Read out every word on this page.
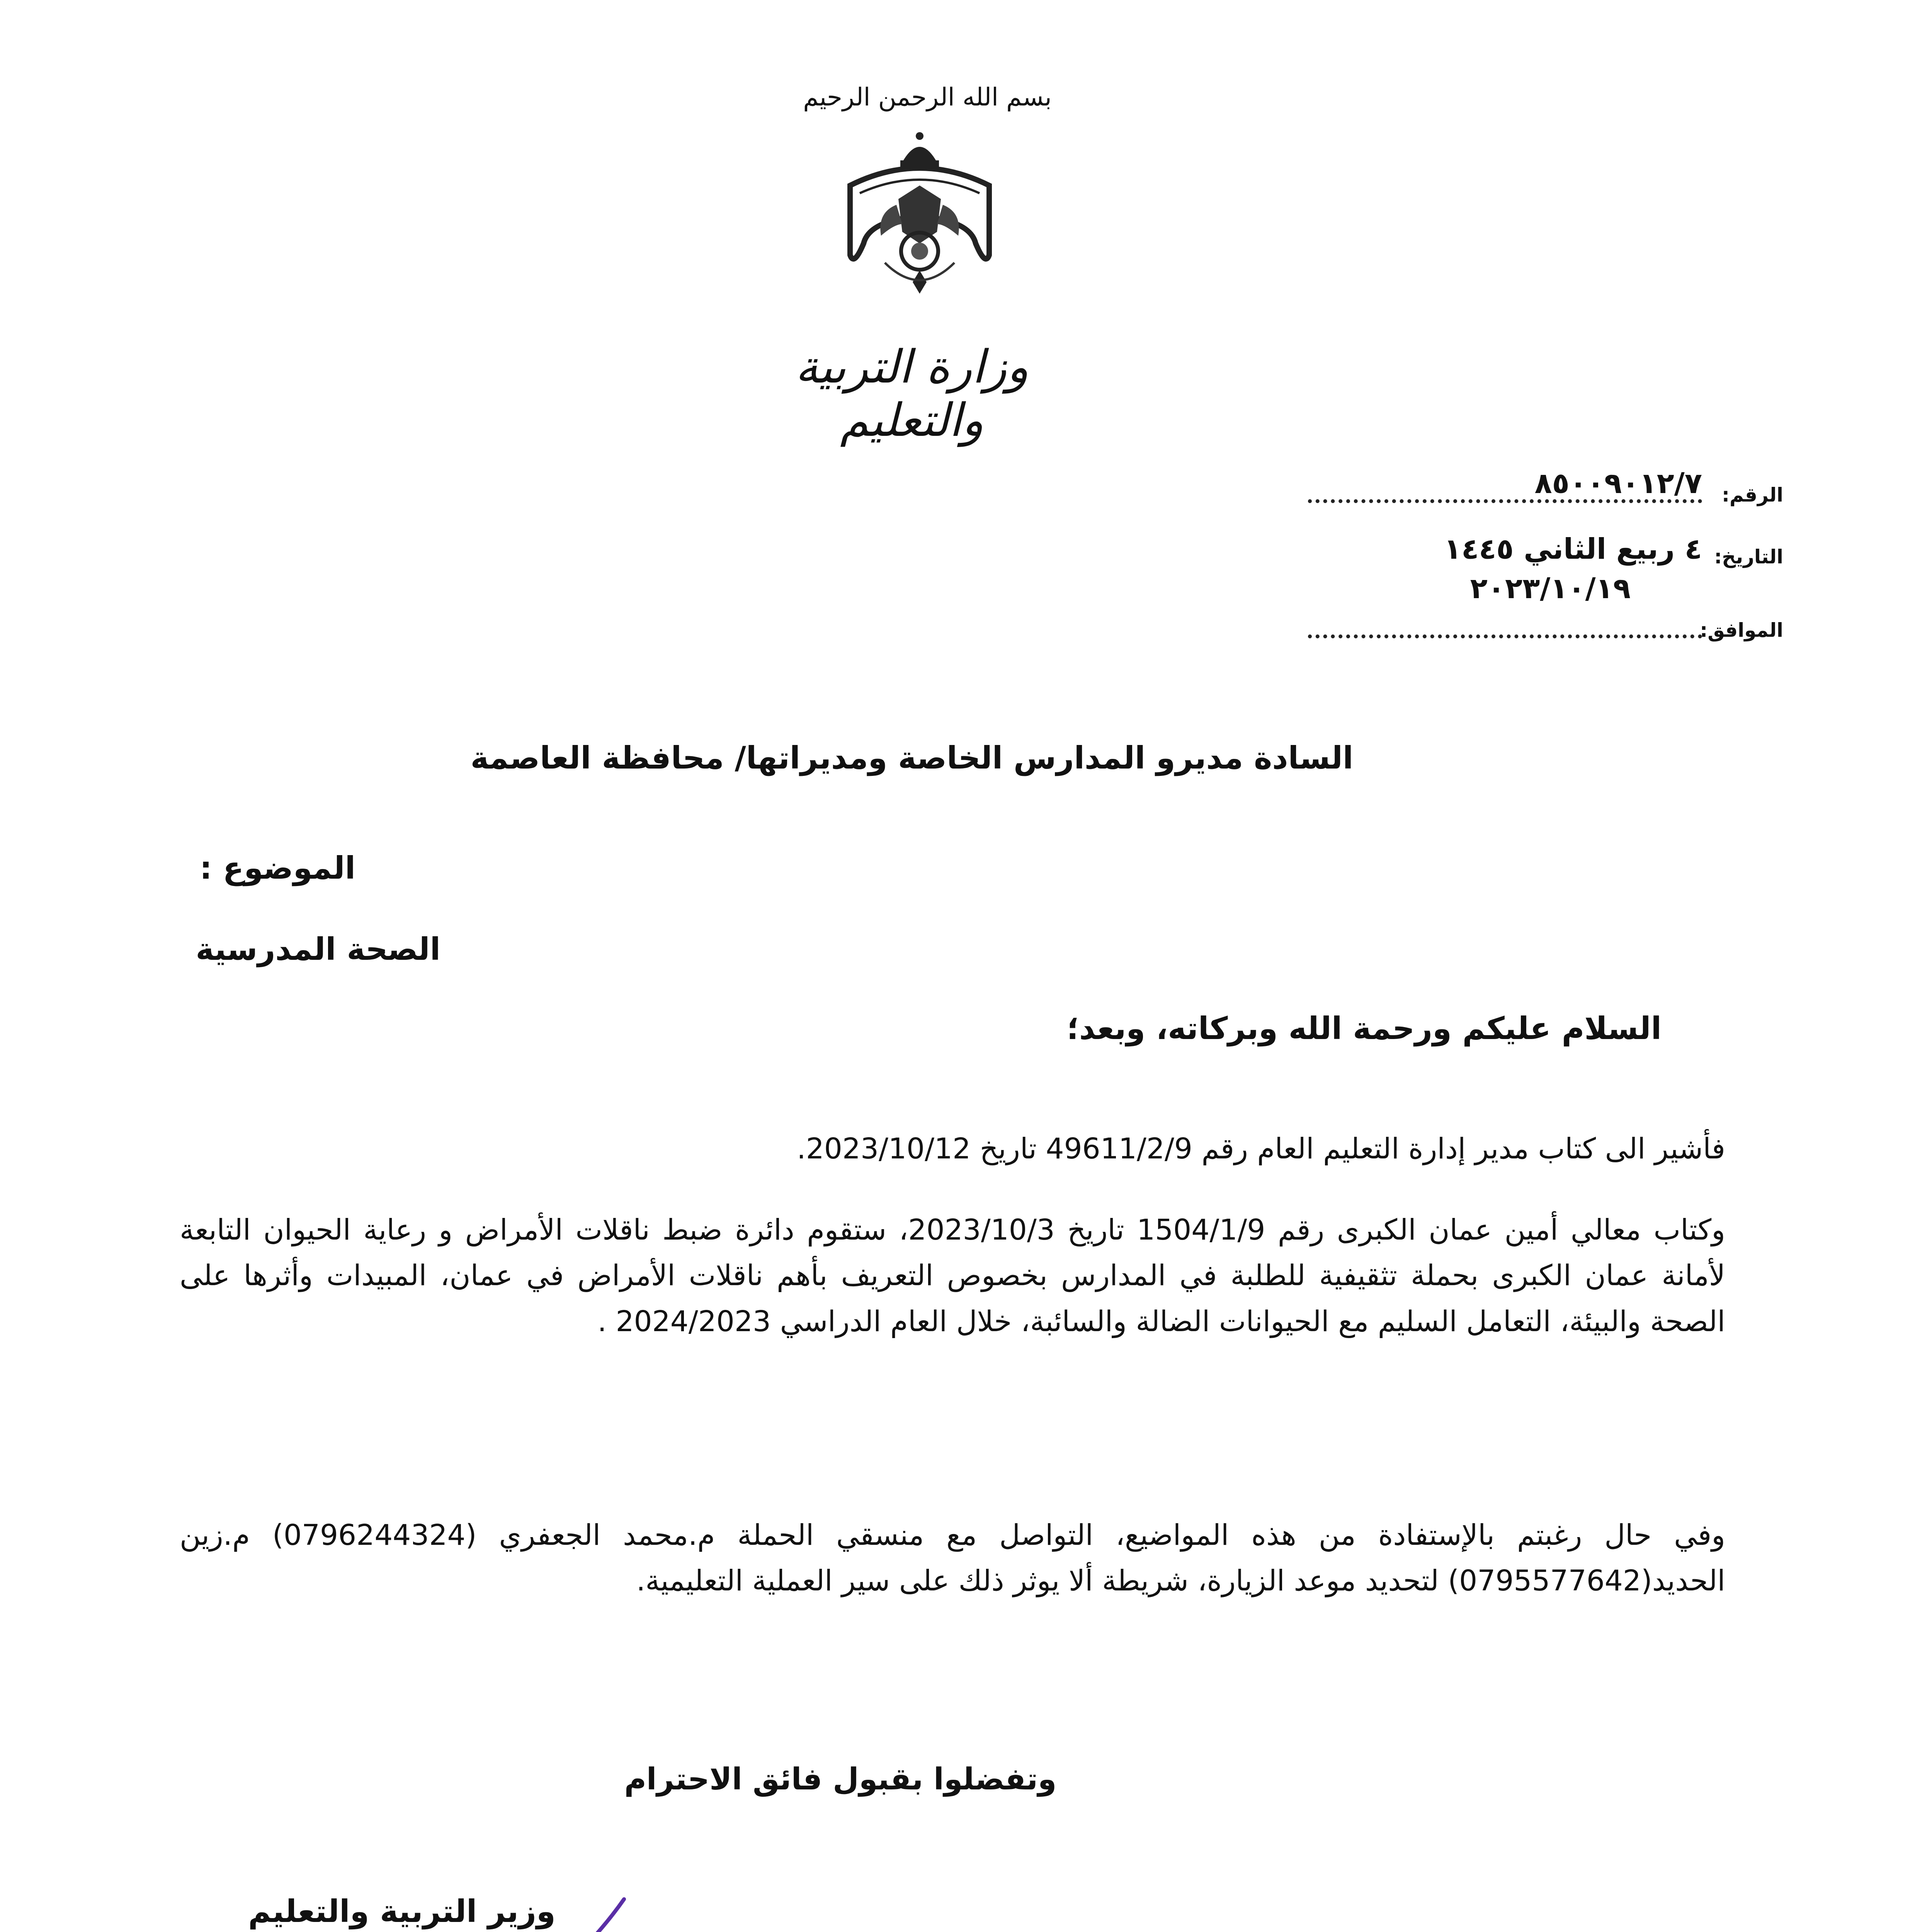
بسم الله الرحمن الرحيم
وزارة التربية والتعليم
الرقم:
٨٥٠٠٩٠١٢/٧
التاريخ:
٤ ربيع الثاني ١٤٤٥
٢٠٢٣/١٠/١٩
الموافق:
السادة مديرو المدارس الخاصة ومديراتها/ محافظة العاصمة
الموضوع :
الصحة المدرسية
السلام عليكم ورحمة الله وبركاته، وبعد؛

فأشير الى كتاب مدير إدارة التعليم العام رقم 49611/2/9 تاريخ 2023/10/12.

وكتاب معالي أمين عمان الكبرى رقم 1504/1/9 تاريخ 2023/10/3، ستقوم دائرة ضبط ناقلات الأمراض و رعاية الحيوان التابعة لأمانة عمان الكبرى بحملة تثقيفية للطلبة في المدارس بخصوص التعريف بأهم ناقلات الأمراض في عمان، المبيدات وأثرها على الصحة والبيئة، التعامل السليم مع الحيوانات الضالة والسائبة، خلال العام الدراسي 2024/2023 .

وفي حال رغبتم بالإستفادة من هذه المواضيع، التواصل مع منسقي الحملة م.محمد الجعفري (0796244324) م.زين الحديد(0795577642) لتحديد موعد الزيارة، شريطة ألا يوثر ذلك على سير العملية التعليمية.

وتفضلوا بقبول فائق الاحترام
وزير التربية والتعليم
